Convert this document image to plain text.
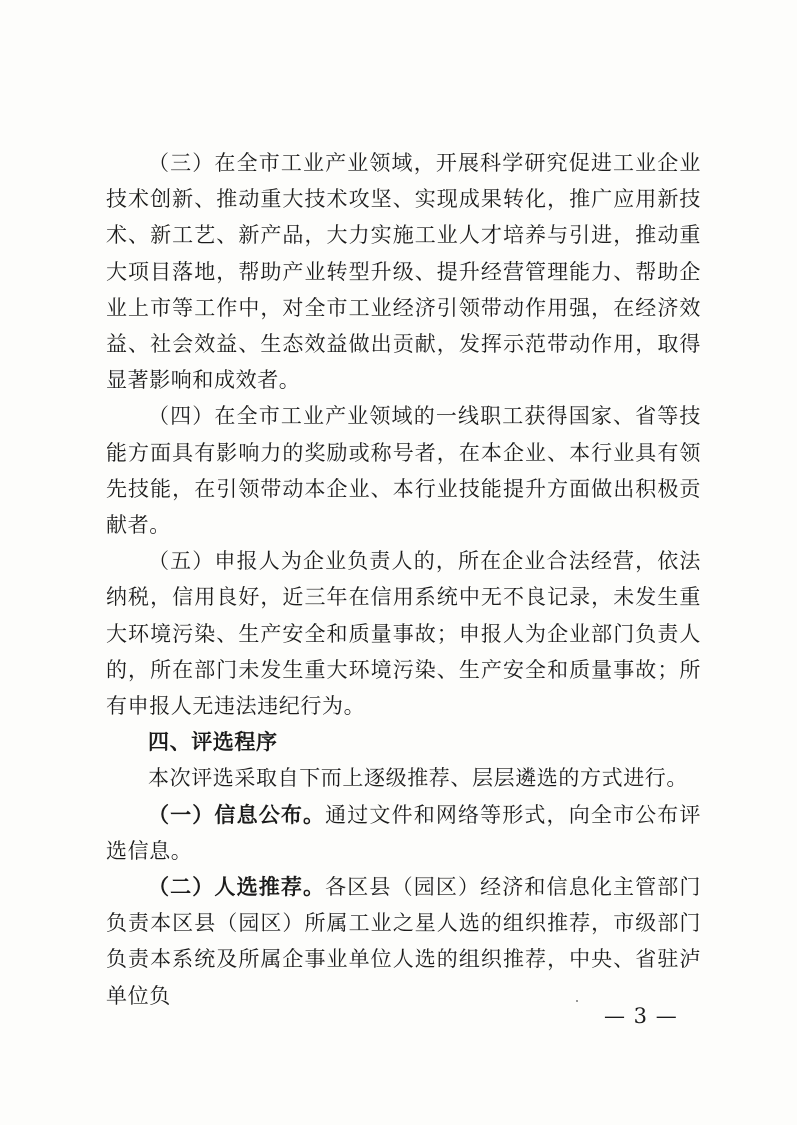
（三）在全市工业产业领域，开展科学研究促进工业企业技术创新、推动重大技术攻坚、实现成果转化，推广应用新技术、新工艺、新产品，大力实施工业人才培养与引进，推动重大项目落地，帮助产业转型升级、提升经营管理能力、帮助企业上市等工作中，对全市工业经济引领带动作用强，在经济效益、社会效益、生态效益做出贡献，发挥示范带动作用，取得显著影响和成效者。

（四）在全市工业产业领域的一线职工获得国家、省等技能方面具有影响力的奖励或称号者，在本企业、本行业具有领先技能，在引领带动本企业、本行业技能提升方面做出积极贡献者。

（五）申报人为企业负责人的，所在企业合法经营，依法纳税，信用良好，近三年在信用系统中无不良记录，未发生重大环境污染、生产安全和质量事故；申报人为企业部门负责人的，所在部门未发生重大环境污染、生产安全和质量事故；所有申报人无违法违纪行为。

四、评选程序

本次评选采取自下而上逐级推荐、层层遴选的方式进行。

（一）信息公布。通过文件和网络等形式，向全市公布评选信息。

（二）人选推荐。各区县（园区）经济和信息化主管部门负责本区县（园区）所属工业之星人选的组织推荐，市级部门负责本系统及所属企事业单位人选的组织推荐，中央、省驻泸单位负

— 3 —
